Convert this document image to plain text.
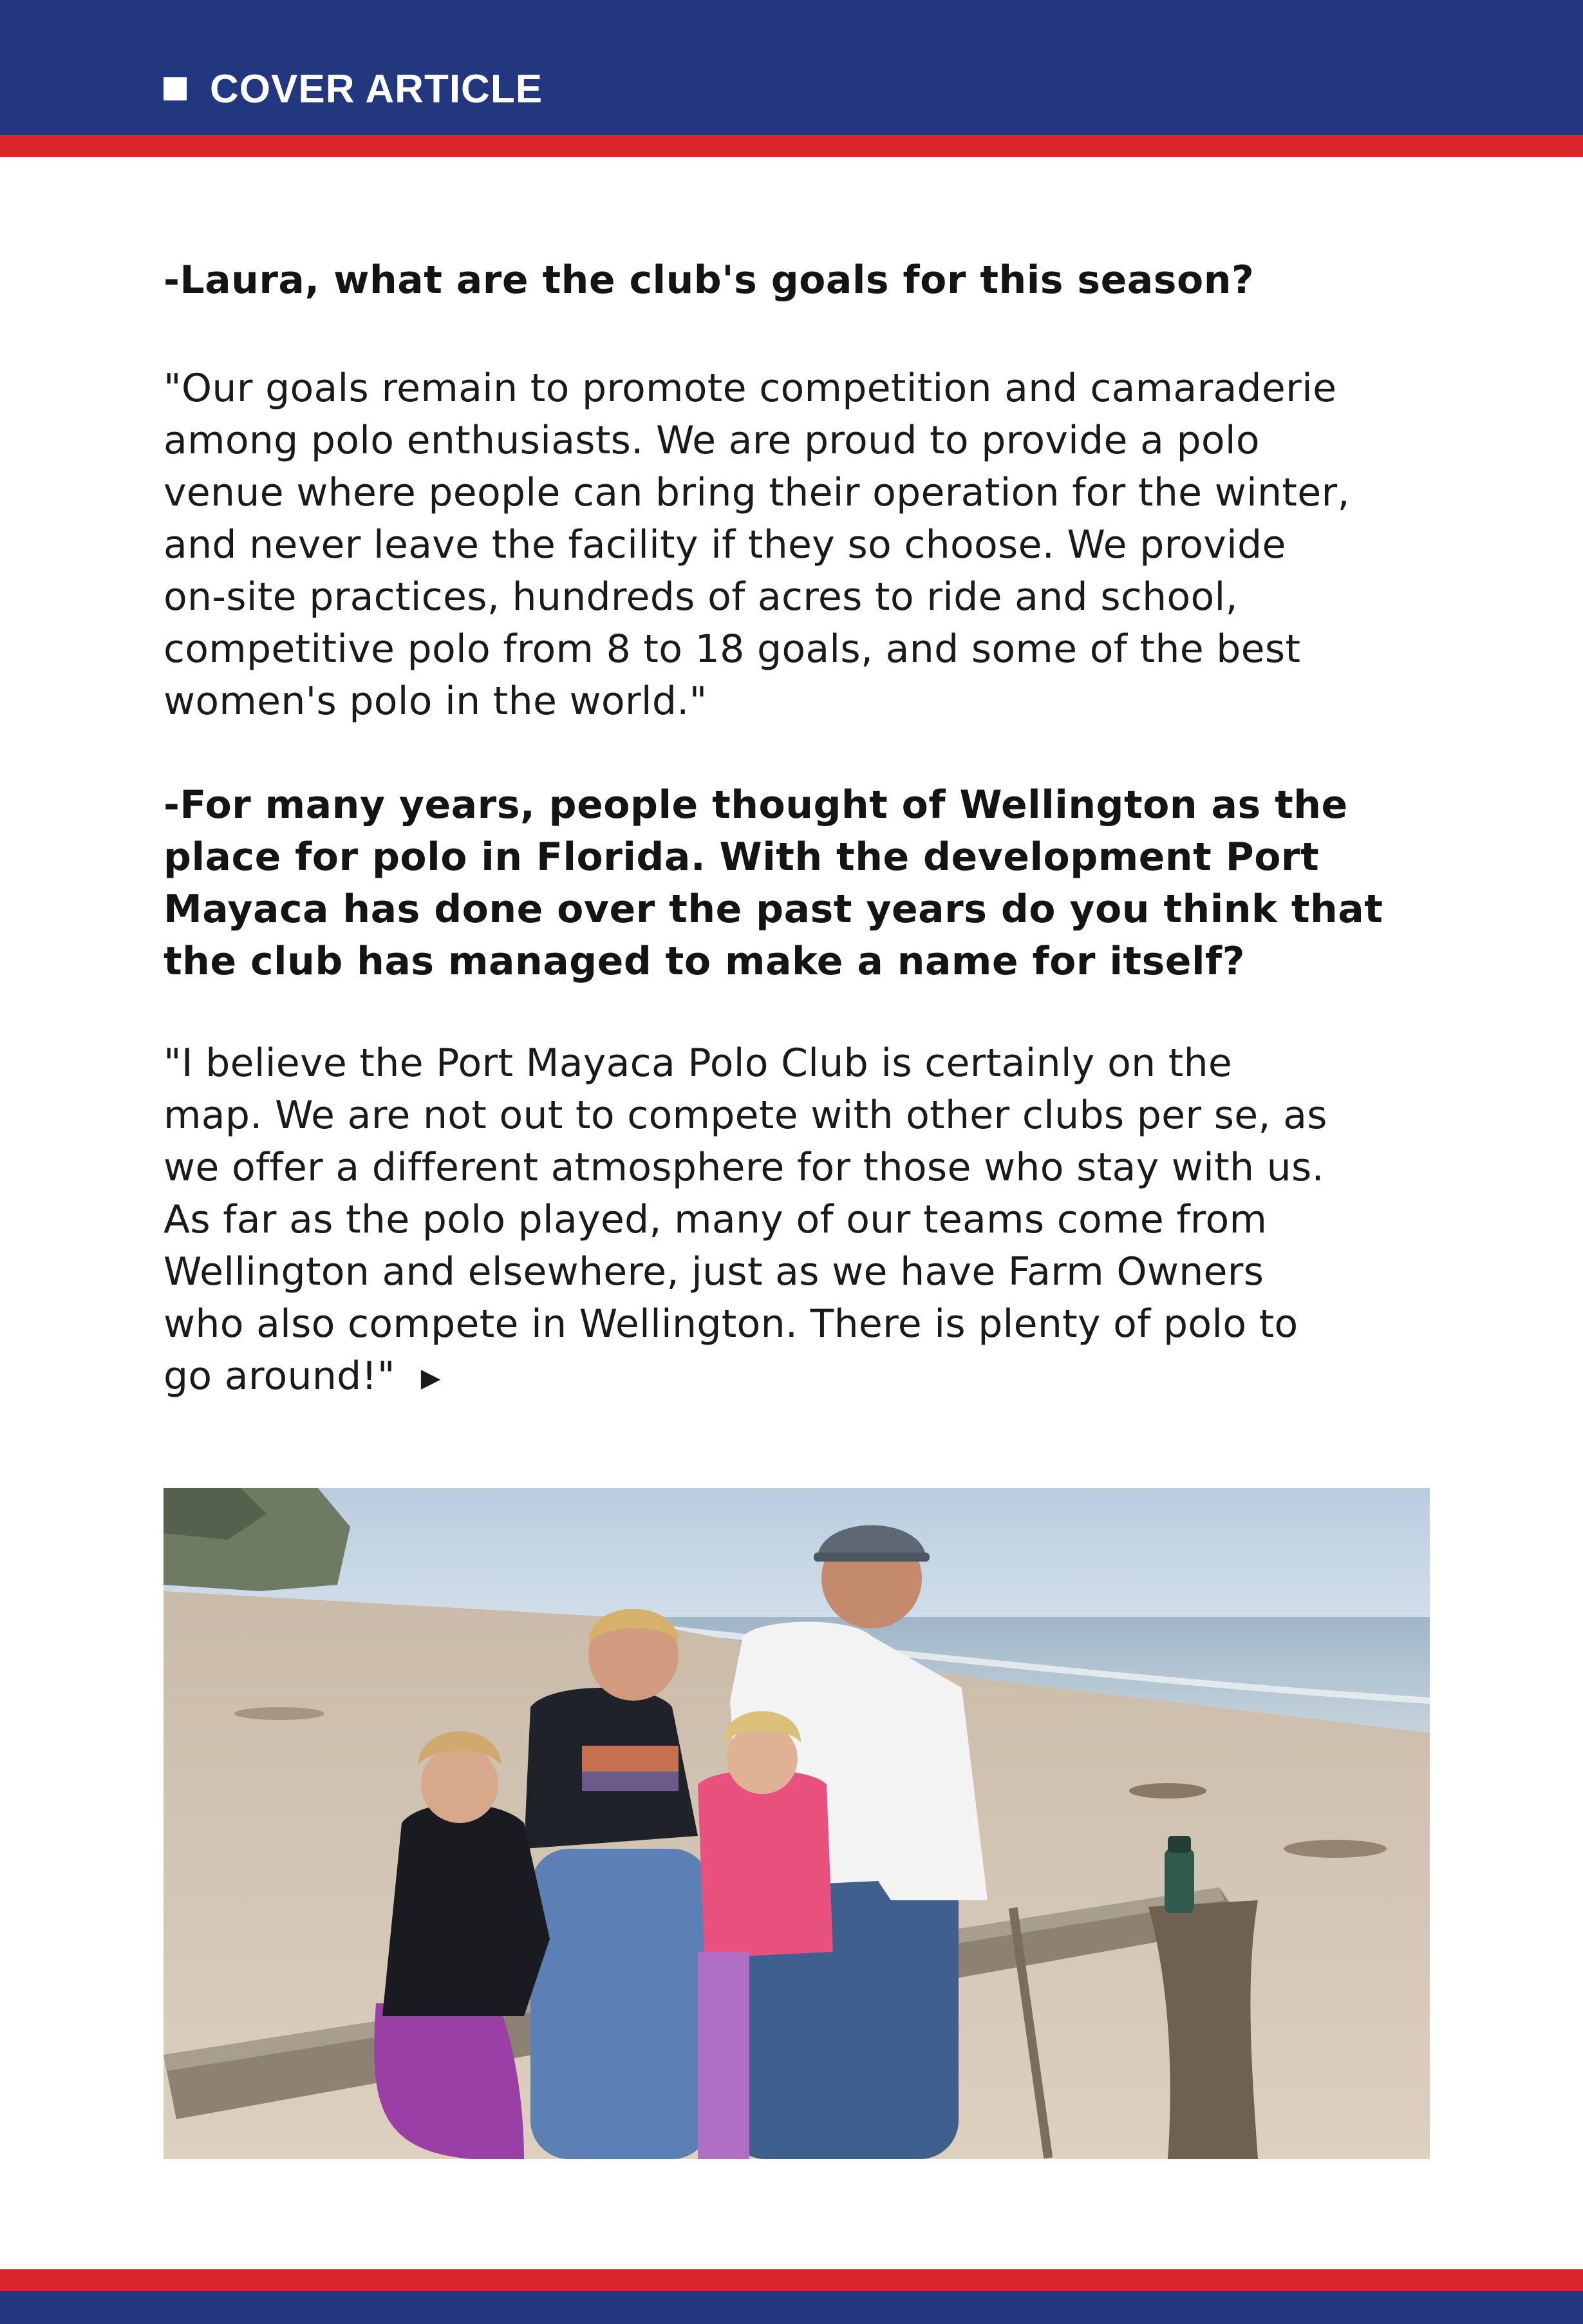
COVER ARTICLE

-Laura, what are the club's goals for this season?

"Our goals remain to promote competition and camaraderie

among polo enthusiasts. We are proud to provide a polo

venue where people can bring their operation for the winter,

and never leave the facility if they so choose. We provide

on-site practices, hundreds of acres to ride and school,

competitive polo from 8 to 18 goals, and some of the best

women's polo in the world."

-For many years, people thought of Wellington as the

place for polo in Florida. With the development Port

Mayaca has done over the past years do you think that

the club has managed to make a name for itself?

"I believe the Port Mayaca Polo Club is certainly on the

map. We are not out to compete with other clubs per se, as

we offer a different atmosphere for those who stay with us.

As far as the polo played, many of our teams come from

Wellington and elsewhere, just as we have Farm Owners

who also compete in Wellington. There is plenty of polo to

go around!" ▶
